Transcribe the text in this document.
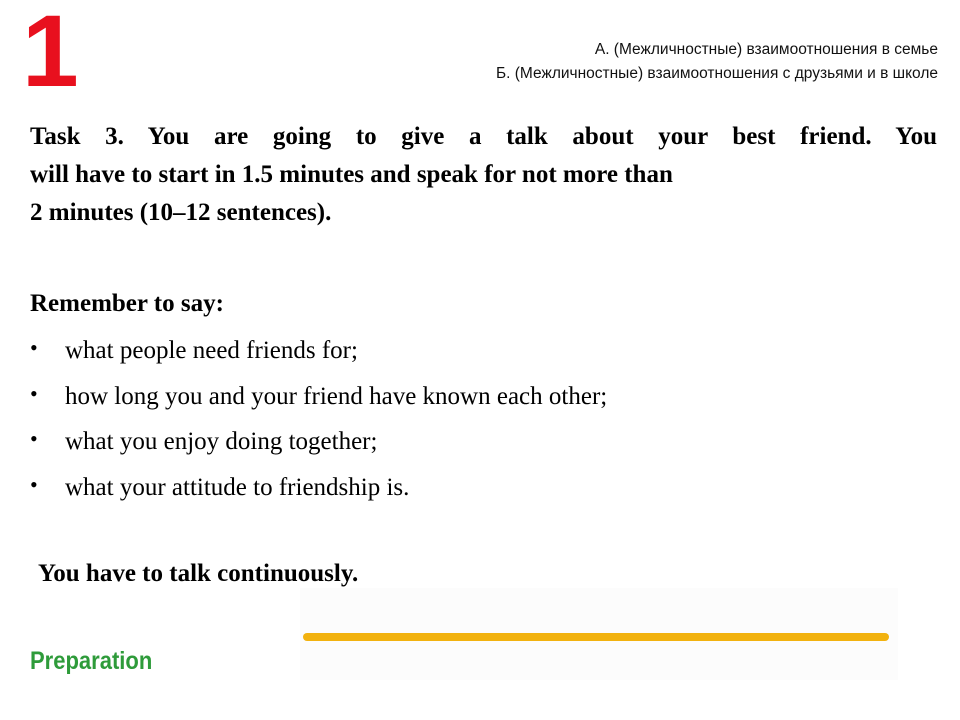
1	А. (Межличностные) взаимоотношения в семье
Б. (Межличностные) взаимоотношения с друзьями и в школе
Task 3. You are going to give a talk about your best friend. You
will have to start in 1.5 minutes and speak for not more than
2 minutes (10–12 sentences).
Remember to say:
• what people need friends for;
• how long you and your friend have known each other;
• what you enjoy doing together;
• what your attitude to friendship is.
You have to talk continuously.
Preparation
